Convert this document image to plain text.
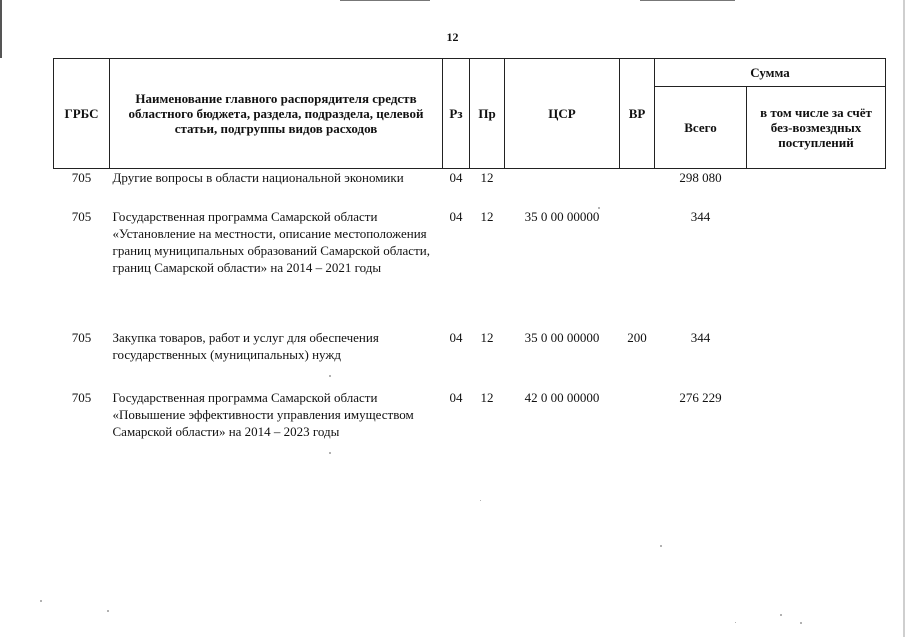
12
ГРБС	Наименование главного распорядителя средств областного бюджета, раздела, подраздела, целевой статьи, подгруппы видов расходов	Рз	Пр	ЦСР	ВР	Сумма	
						Всего	в том числе за счёт без-возмездных поступлений
705	Другие вопросы в области национальной экономики	04	12			298 080	
705	Государственная программа Самарской области «Установление на местности, описание местоположения границ муниципальных образований Самарской области, границ Самарской области» на 2014 – 2021 годы	04	12	35 0 00 00000		344	
705	Закупка товаров, работ и услуг для обеспечения государственных (муниципальных) нужд	04	12	35 0 00 00000	200	344	
705	Государственная программа Самарской области «Повышение эффективности управления имуществом Самарской области» на 2014 – 2023 годы	04	12	42 0 00 00000		276 229	
